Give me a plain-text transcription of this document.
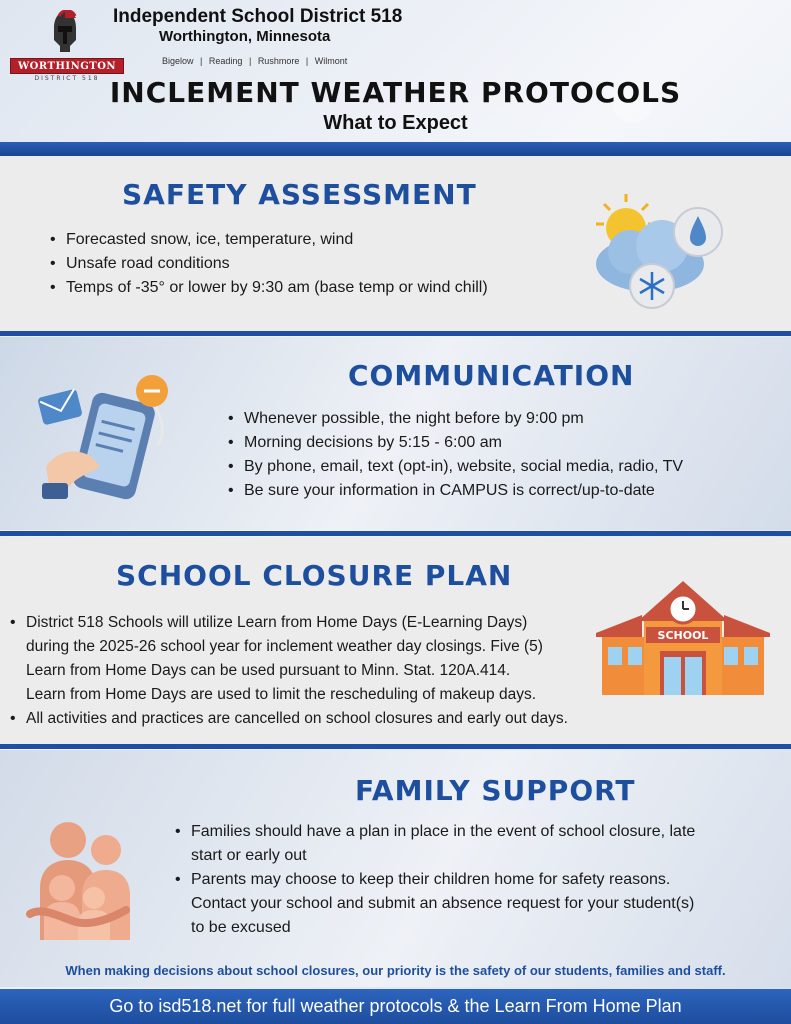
WORTHINGTON
DISTRICT 518
Independent School District 518
Worthington, Minnesota
Bigelow | Reading | Rushmore | Wilmont
INCLEMENT WEATHER PROTOCOLS
What to Expect
SAFETY ASSESSMENT
• Forecasted snow, ice, temperature, wind
• Unsafe road conditions
• Temps of -35° or lower by 9:30 am (base temp or wind chill)
COMMUNICATION
• Whenever possible, the night before by 9:00 pm
• Morning decisions by 5:15 - 6:00 am
• By phone, email, text (opt-in), website, social media, radio, TV
• Be sure your information in CAMPUS is correct/up-to-date
SCHOOL CLOSURE PLAN
• District 518 Schools will utilize Learn from Home Days (E-Learning Days)
during the 2025-26 school year for inclement weather day closings. Five (5)
Learn from Home Days can be used pursuant to Minn. Stat. 120A.414.
Learn from Home Days are used to limit the rescheduling of makeup days.
• All activities and practices are cancelled on school closures and early out days.
SCHOOL
FAMILY SUPPORT
• Families should have a plan in place in the event of school closure, late
start or early out
• Parents may choose to keep their children home for safety reasons.
Contact your school and submit an absence request for your student(s)
to be excused
When making decisions about school closures, our priority is the safety of our students, families and staff.
Go to isd518.net for full weather protocols & the Learn From Home Plan
